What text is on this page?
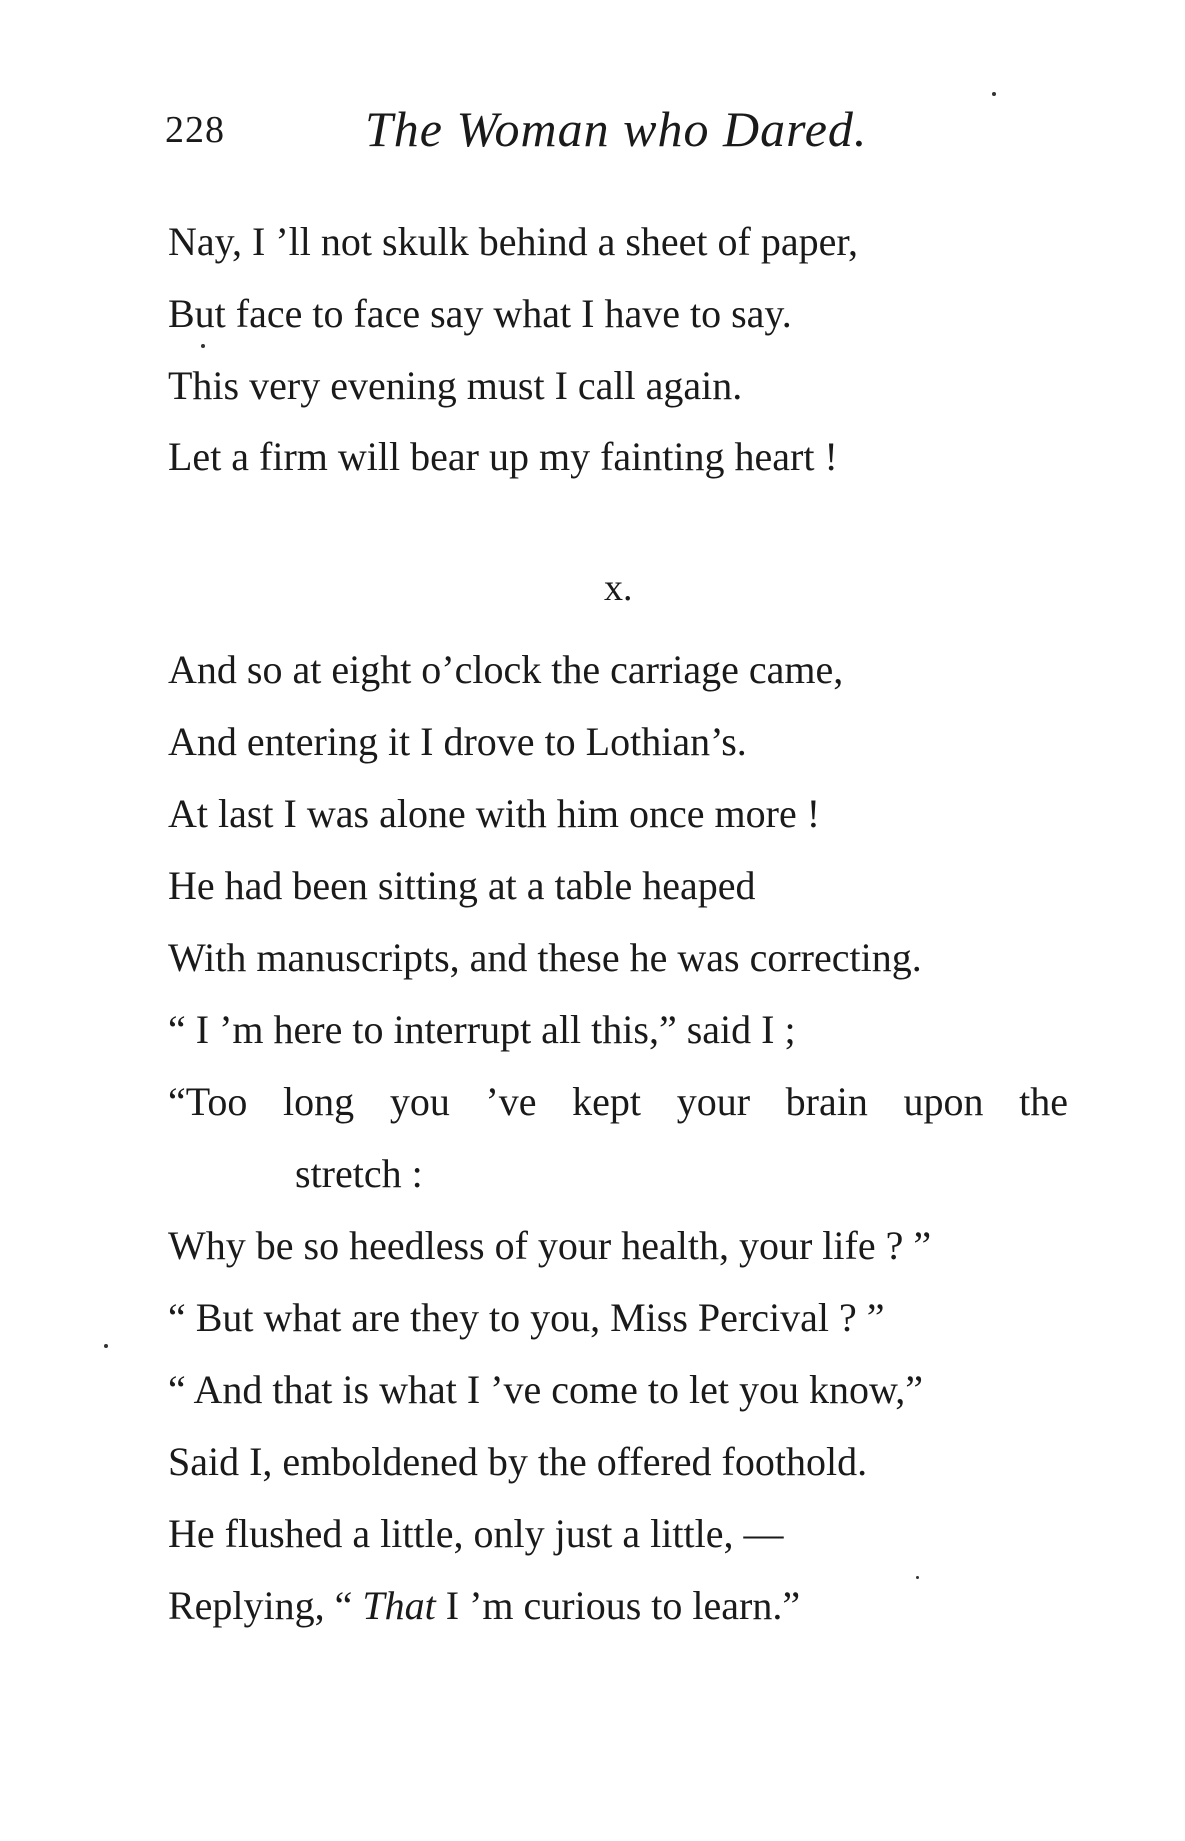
228	The Woman who Dared.
Nay, I ’ll not skulk behind a sheet of paper,
But face to face say what I have to say.
This very evening must I call again.
Let a firm will bear up my fainting heart !
x.
And so at eight o’clock the carriage came,
And entering it I drove to Lothian’s.
At last I was alone with him once more !
He had been sitting at a table heaped
With manuscripts, and these he was correcting.
“ I ’m here to interrupt all this,” said I ;
“Too long you ’ve kept your brain upon the
stretch :
Why be so heedless of your health, your life ? ”
“ But what are they to you, Miss Percival ? ”
“ And that is what I ’ve come to let you know,”
Said I, emboldened by the offered foothold.
He flushed a little, only just a little, —
Replying, “ That I ’m curious to learn.”
